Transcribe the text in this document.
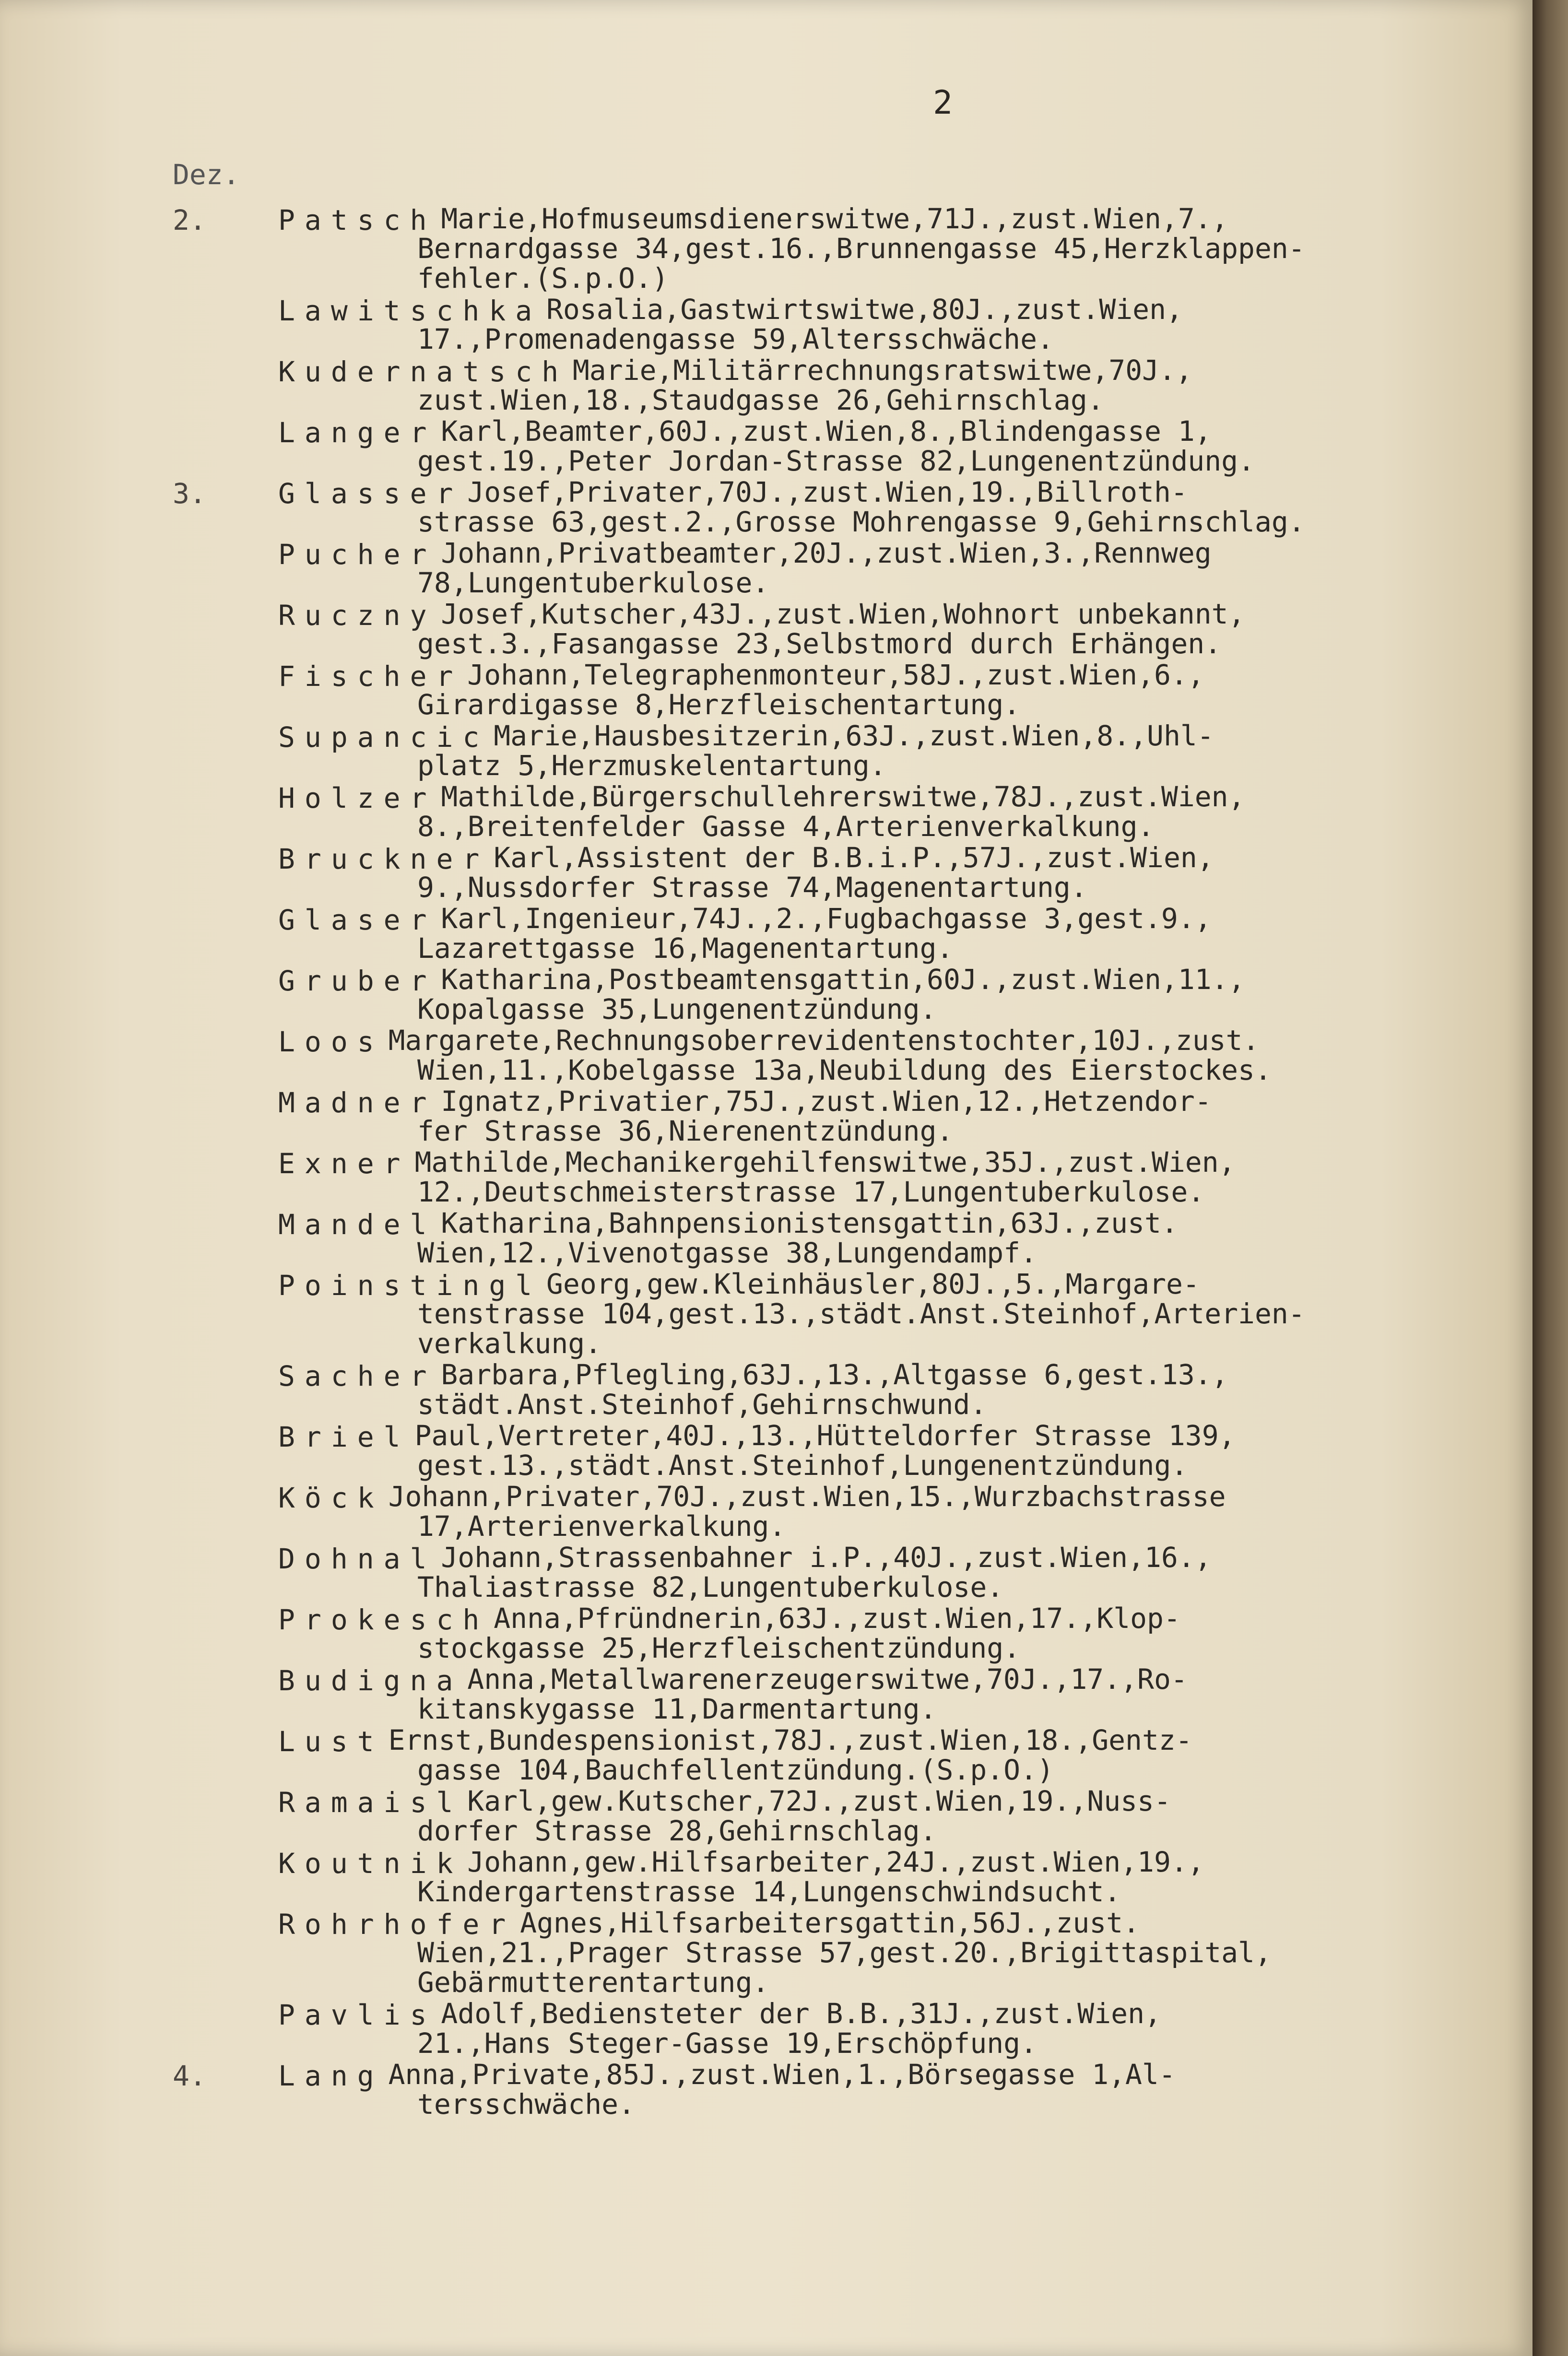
2
Dez.
2.	Patsch Marie,Hofmuseumsdienerswitwe,71J.,zust.Wien,7.,
Bernardgasse 34,gest.16.,Brunnengasse 45,Herzklappen-
fehler.(S.p.O.)
Lawitschka Rosalia,Gastwirtswitwe,80J.,zust.Wien,
17.,Promenadengasse 59,Altersschwäche.
Kudernatsch Marie,Militärrechnungsratswitwe,70J.,
zust.Wien,18.,Staudgasse 26,Gehirnschlag.
Langer Karl,Beamter,60J.,zust.Wien,8.,Blindengasse 1,
gest.19.,Peter Jordan-Strasse 82,Lungenentzündung.
3.	Glasser Josef,Privater,70J.,zust.Wien,19.,Billroth-
strasse 63,gest.2.,Grosse Mohrengasse 9,Gehirnschlag.
Pucher Johann,Privatbeamter,20J.,zust.Wien,3.,Rennweg
78,Lungentuberkulose.
Ruczny Josef,Kutscher,43J.,zust.Wien,Wohnort unbekannt,
gest.3.,Fasangasse 23,Selbstmord durch Erhängen.
Fischer Johann,Telegraphenmonteur,58J.,zust.Wien,6.,
Girardigasse 8,Herzfleischentartung.
Supancic Marie,Hausbesitzerin,63J.,zust.Wien,8.,Uhl-
platz 5,Herzmuskelentartung.
Holzer Mathilde,Bürgerschullehrerswitwe,78J.,zust.Wien,
8.,Breitenfelder Gasse 4,Arterienverkalkung.
Bruckner Karl,Assistent der B.B.i.P.,57J.,zust.Wien,
9.,Nussdorfer Strasse 74,Magenentartung.
Glaser Karl,Ingenieur,74J.,2.,Fugbachgasse 3,gest.9.,
Lazarettgasse 16,Magenentartung.
Gruber Katharina,Postbeamtensgattin,60J.,zust.Wien,11.,
Kopalgasse 35,Lungenentzündung.
Loos Margarete,Rechnungsoberrevidentenstochter,10J.,zust.
Wien,11.,Kobelgasse 13a,Neubildung des Eierstockes.
Madner Ignatz,Privatier,75J.,zust.Wien,12.,Hetzendor-
fer Strasse 36,Nierenentzündung.
Exner Mathilde,Mechanikergehilfenswitwe,35J.,zust.Wien,
12.,Deutschmeisterstrasse 17,Lungentuberkulose.
Mandel Katharina,Bahnpensionistensgattin,63J.,zust.
Wien,12.,Vivenotgasse 38,Lungendampf.
Poinstingl Georg,gew.Kleinhäusler,80J.,5.,Margare-
tenstrasse 104,gest.13.,städt.Anst.Steinhof,Arterien-
verkalkung.
Sacher Barbara,Pflegling,63J.,13.,Altgasse 6,gest.13.,
städt.Anst.Steinhof,Gehirnschwund.
Briel Paul,Vertreter,40J.,13.,Hütteldorfer Strasse 139,
gest.13.,städt.Anst.Steinhof,Lungenentzündung.
Köck Johann,Privater,70J.,zust.Wien,15.,Wurzbachstrasse
17,Arterienverkalkung.
Dohnal Johann,Strassenbahner i.P.,40J.,zust.Wien,16.,
Thaliastrasse 82,Lungentuberkulose.
Prokesch Anna,Pfründnerin,63J.,zust.Wien,17.,Klop-
stockgasse 25,Herzfleischentzündung.
Budigna Anna,Metallwarenerzeugerswitwe,70J.,17.,Ro-
kitanskygasse 11,Darmentartung.
Lust Ernst,Bundespensionist,78J.,zust.Wien,18.,Gentz-
gasse 104,Bauchfellentzündung.(S.p.O.)
Ramaisl Karl,gew.Kutscher,72J.,zust.Wien,19.,Nuss-
dorfer Strasse 28,Gehirnschlag.
Koutnik Johann,gew.Hilfsarbeiter,24J.,zust.Wien,19.,
Kindergartenstrasse 14,Lungenschwindsucht.
Rohrhofer Agnes,Hilfsarbeitersgattin,56J.,zust.
Wien,21.,Prager Strasse 57,gest.20.,Brigittaspital,
Gebärmutterentartung.
Pavlis Adolf,Bediensteter der B.B.,31J.,zust.Wien,
21.,Hans Steger-Gasse 19,Erschöpfung.
4.	Lang Anna,Private,85J.,zust.Wien,1.,Börsegasse 1,Al-
tersschwäche.
